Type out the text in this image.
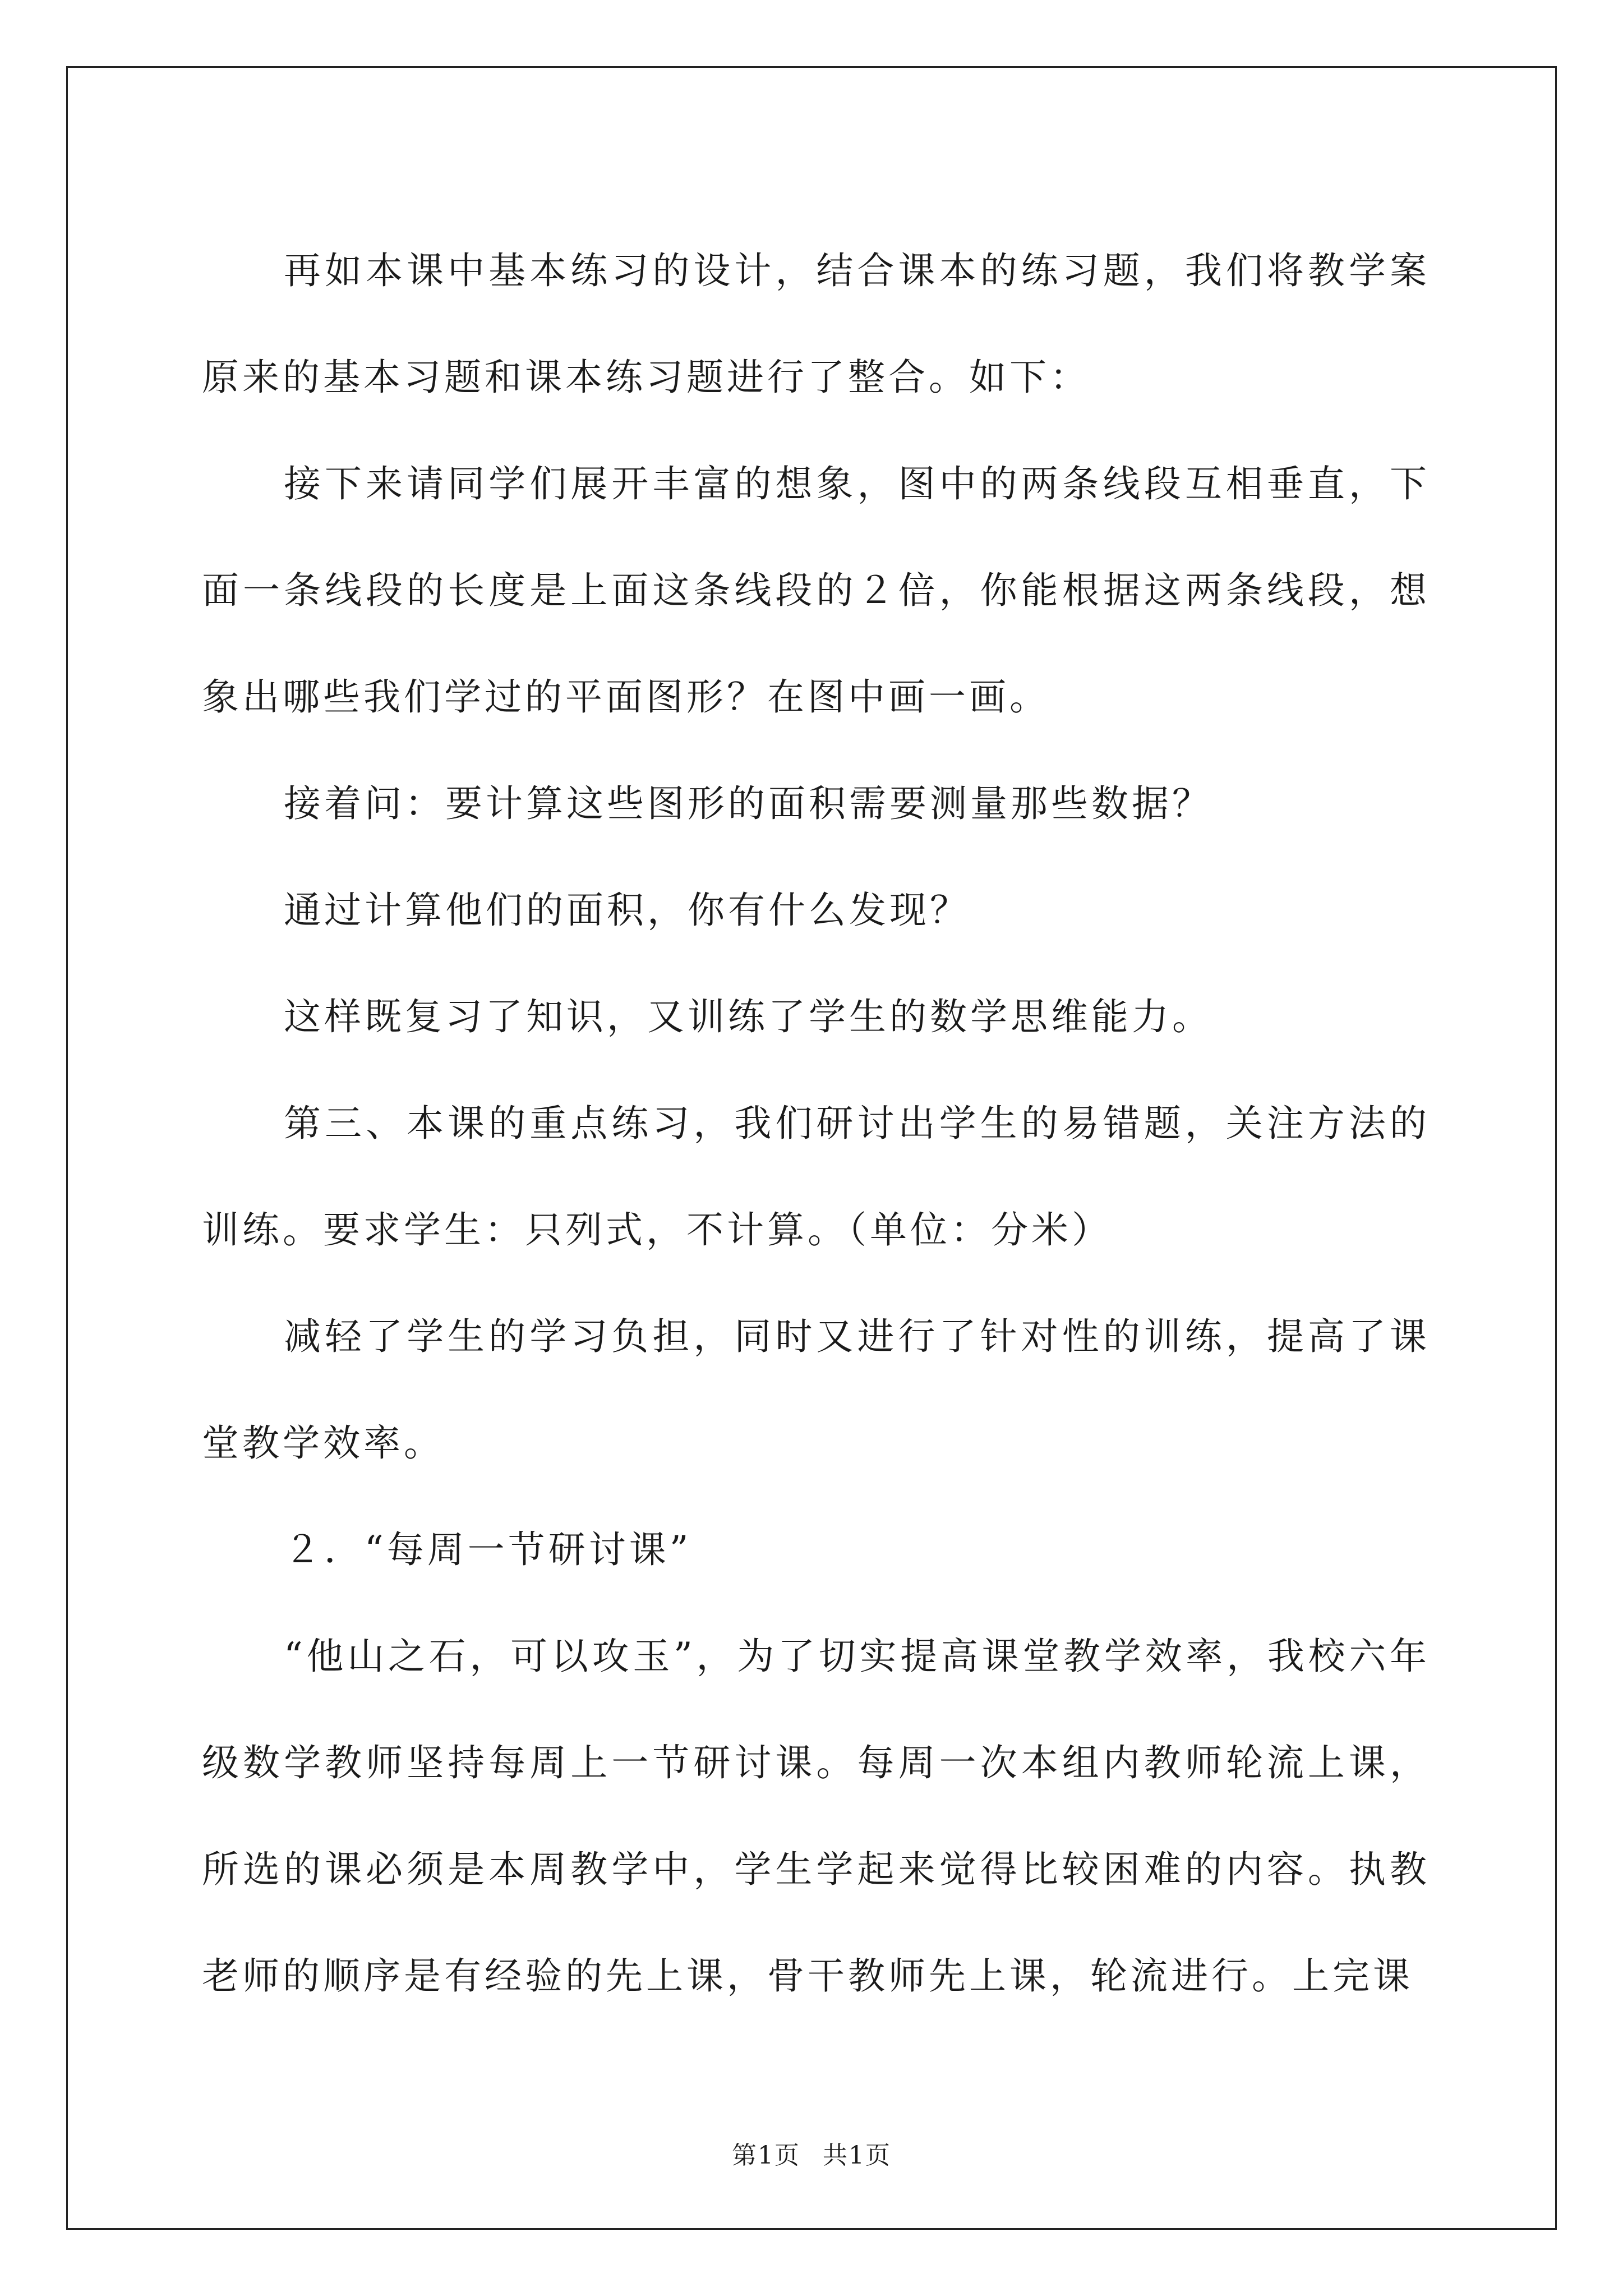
再如本课中基本练习的设计，结合课本的练习题，我们将教学案原来的基本习题和课本练习题进行了整合。如下：

接下来请同学们展开丰富的想象，图中的两条线段互相垂直，下面一条线段的长度是上面这条线段的２倍，你能根据这两条线段，想象出哪些我们学过的平面图形？在图中画一画。

接着问：要计算这些图形的面积需要测量那些数据？

通过计算他们的面积，你有什么发现？

这样既复习了知识，又训练了学生的数学思维能力。

第三、本课的重点练习，我们研讨出学生的易错题，关注方法的训练。要求学生：只列式，不计算。（单位：分米）

减轻了学生的学习负担，同时又进行了针对性的训练，提高了课堂教学效率。

２．“每周一节研讨课”

“他山之石，可以攻玉”，为了切实提高课堂教学效率，我校六年级数学教师坚持每周上一节研讨课。每周一次本组内教师轮流上课，所选的课必须是本周教学中，学生学起来觉得比较困难的内容。执教老师的顺序是有经验的先上课，骨干教师先上课，轮流进行。上完课

第1页 共1页
